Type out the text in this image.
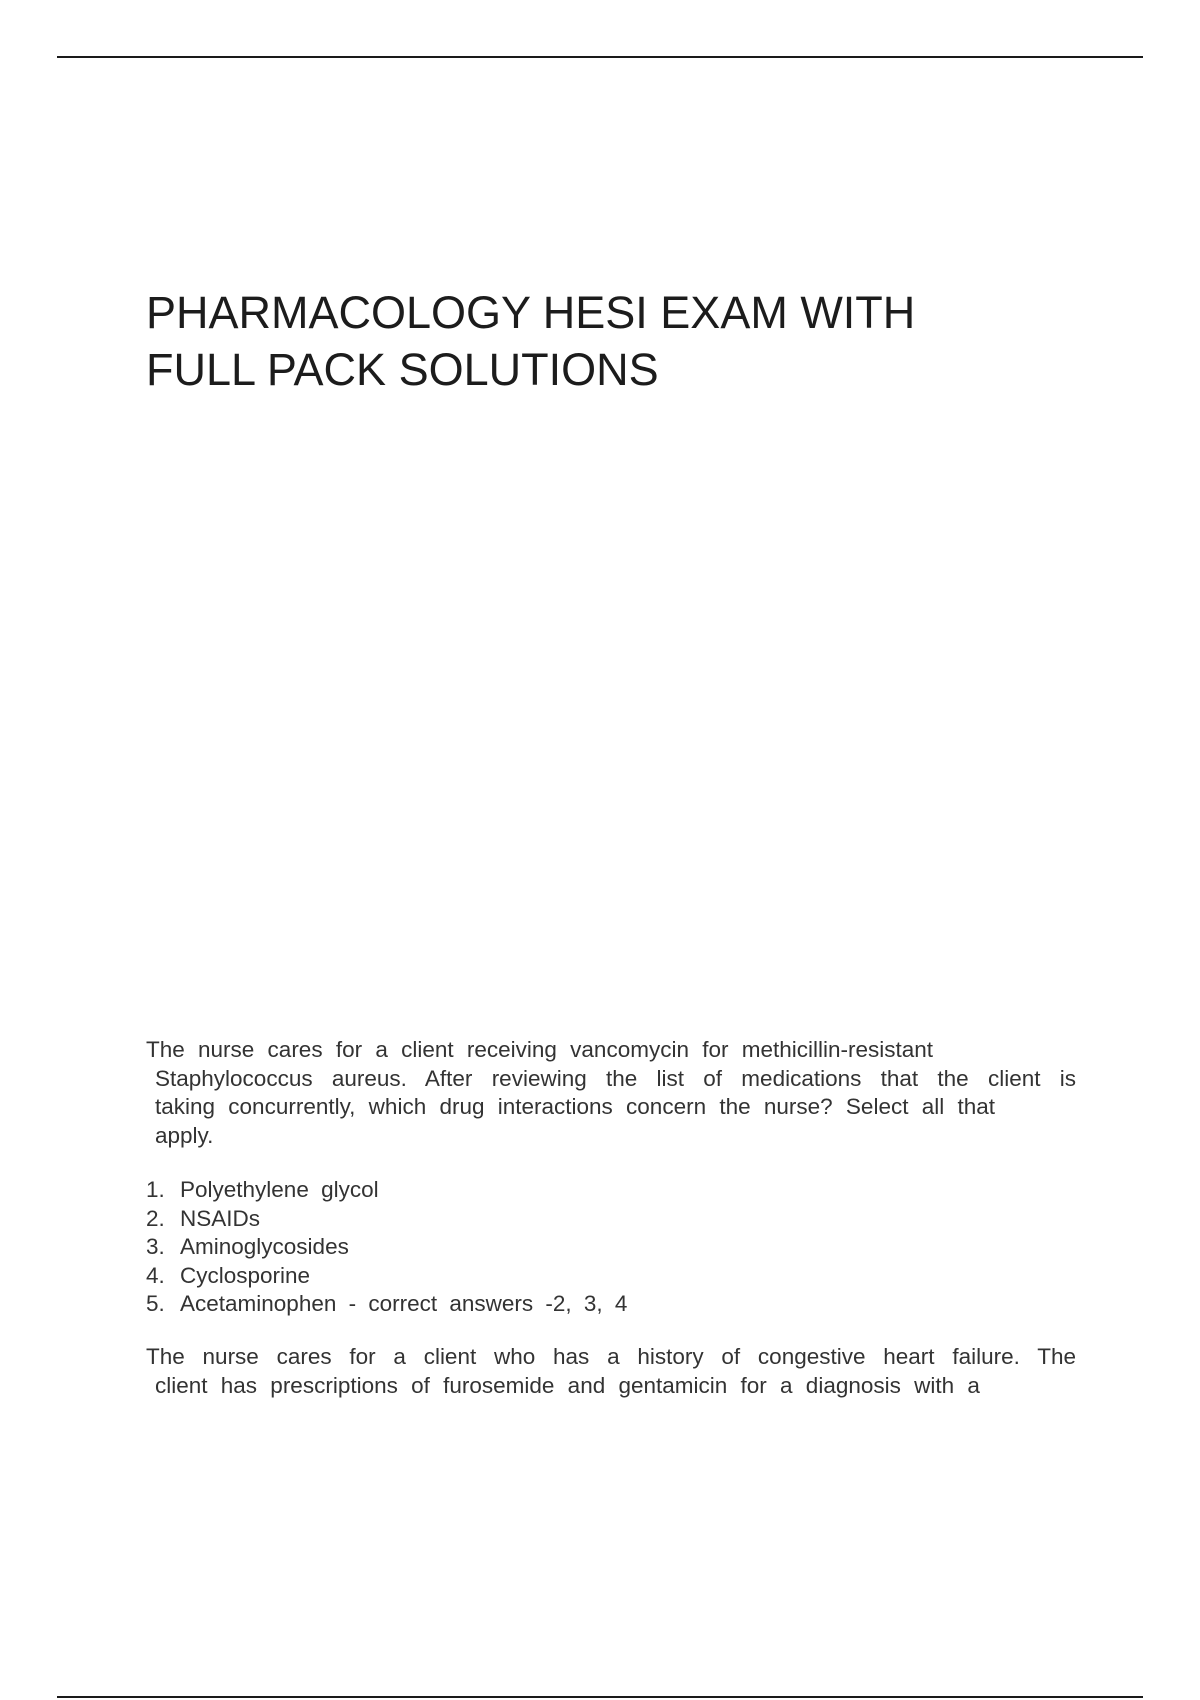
PHARMACOLOGY HESI EXAM WITH
FULL PACK SOLUTIONS
The nurse cares for a client receiving vancomycin for methicillin-resistant
Staphylococcus aureus. After reviewing the list of medications that the client is
taking concurrently, which drug interactions concern the nurse? Select all that
apply.
1. Polyethylene glycol
2. NSAIDs
3. Aminoglycosides
4. Cyclosporine
5. Acetaminophen - correct answers -2, 3, 4
The nurse cares for a client who has a history of congestive heart failure. The
client has prescriptions of furosemide and gentamicin for a diagnosis with a
